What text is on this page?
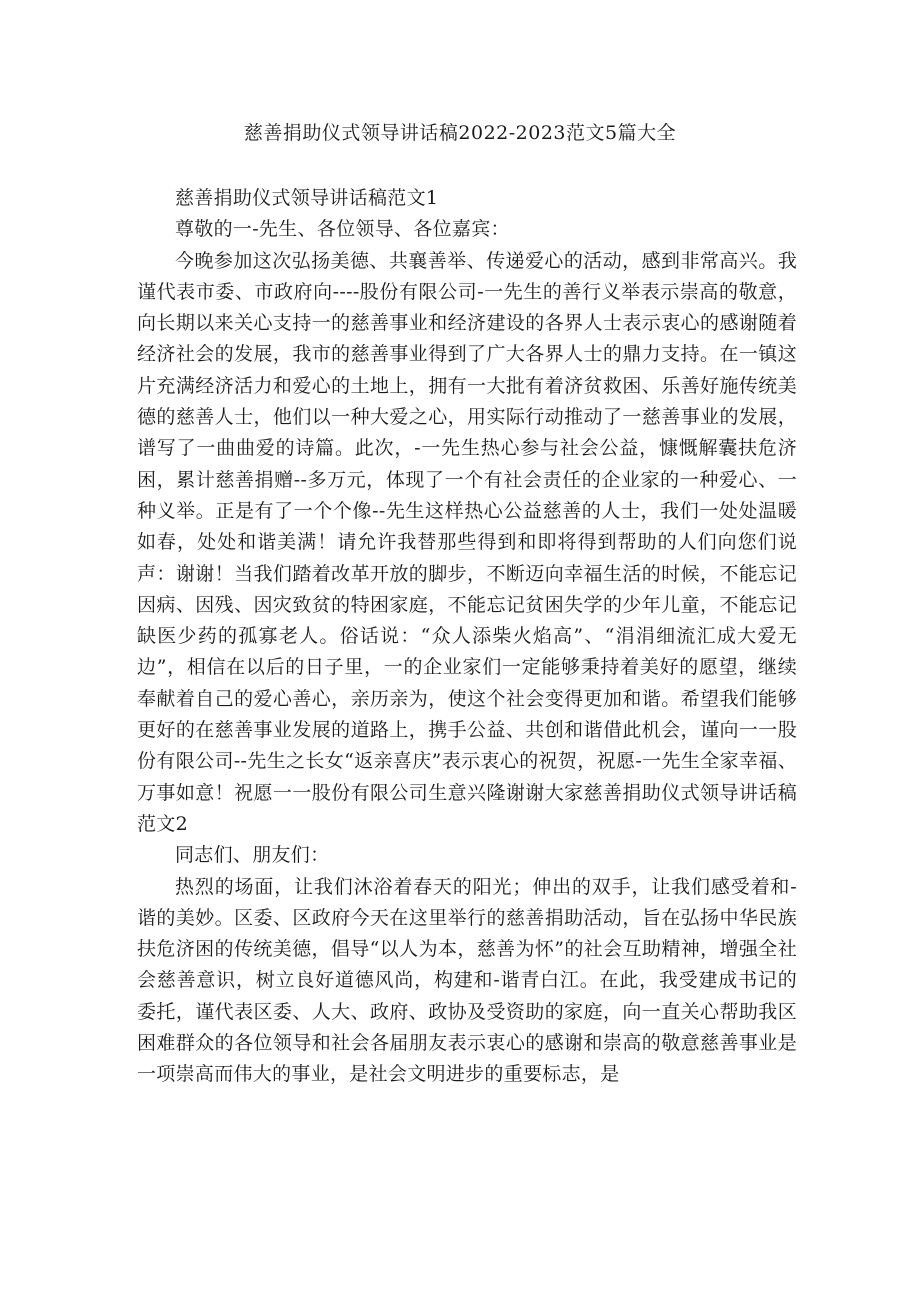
慈善捐助仪式领导讲话稿2022-2023范文5篇大全

慈善捐助仪式领导讲话稿范文1

尊敬的一-先生、各位领导、各位嘉宾：

今晚参加这次弘扬美德、共襄善举、传递爱心的活动，感到非常高兴。我谨代表市委、市政府向----股份有限公司-一先生的善行义举表示崇高的敬意，向长期以来关心支持一的慈善事业和经济建设的各界人士表示衷心的感谢随着经济社会的发展，我市的慈善事业得到了广大各界人士的鼎力支持。在一镇这片充满经济活力和爱心的土地上，拥有一大批有着济贫救困、乐善好施传统美德的慈善人士，他们以一种大爱之心，用实际行动推动了一慈善事业的发展，谱写了一曲曲爱的诗篇。此次，-一先生热心参与社会公益，慷慨解囊扶危济困，累计慈善捐赠--多万元，体现了一个有社会责任的企业家的一种爱心、一种义举。正是有了一个个像--先生这样热心公益慈善的人士，我们一处处温暖如春，处处和谐美满！请允许我替那些得到和即将得到帮助的人们向您们说声：谢谢！当我们踏着改革开放的脚步，不断迈向幸福生活的时候，不能忘记因病、因残、因灾致贫的特困家庭，不能忘记贫困失学的少年儿童，不能忘记缺医少药的孤寡老人。俗话说：“众人添柴火焰高”、“涓涓细流汇成大爱无边”，相信在以后的日子里，一的企业家们一定能够秉持着美好的愿望，继续奉献着自己的爱心善心，亲历亲为，使这个社会变得更加和谐。希望我们能够更好的在慈善事业发展的道路上，携手公益、共创和谐借此机会，谨向一一股份有限公司--先生之长女“返亲喜庆”表示衷心的祝贺，祝愿-一先生全家幸福、万事如意！祝愿一一股份有限公司生意兴隆谢谢大家慈善捐助仪式领导讲话稿范文2

同志们、朋友们：

热烈的场面，让我们沐浴着春天的阳光；伸出的双手，让我们感受着和-谐的美妙。区委、区政府今天在这里举行的慈善捐助活动，旨在弘扬中华民族扶危济困的传统美德，倡导“以人为本，慈善为怀”的社会互助精神，增强全社会慈善意识，树立良好道德风尚，构建和-谐青白江。在此，我受建成书记的委托，谨代表区委、人大、政府、政协及受资助的家庭，向一直关心帮助我区困难群众的各位领导和社会各届朋友表示衷心的感谢和崇高的敬意慈善事业是一项崇高而伟大的事业，是社会文明进步的重要标志，是
